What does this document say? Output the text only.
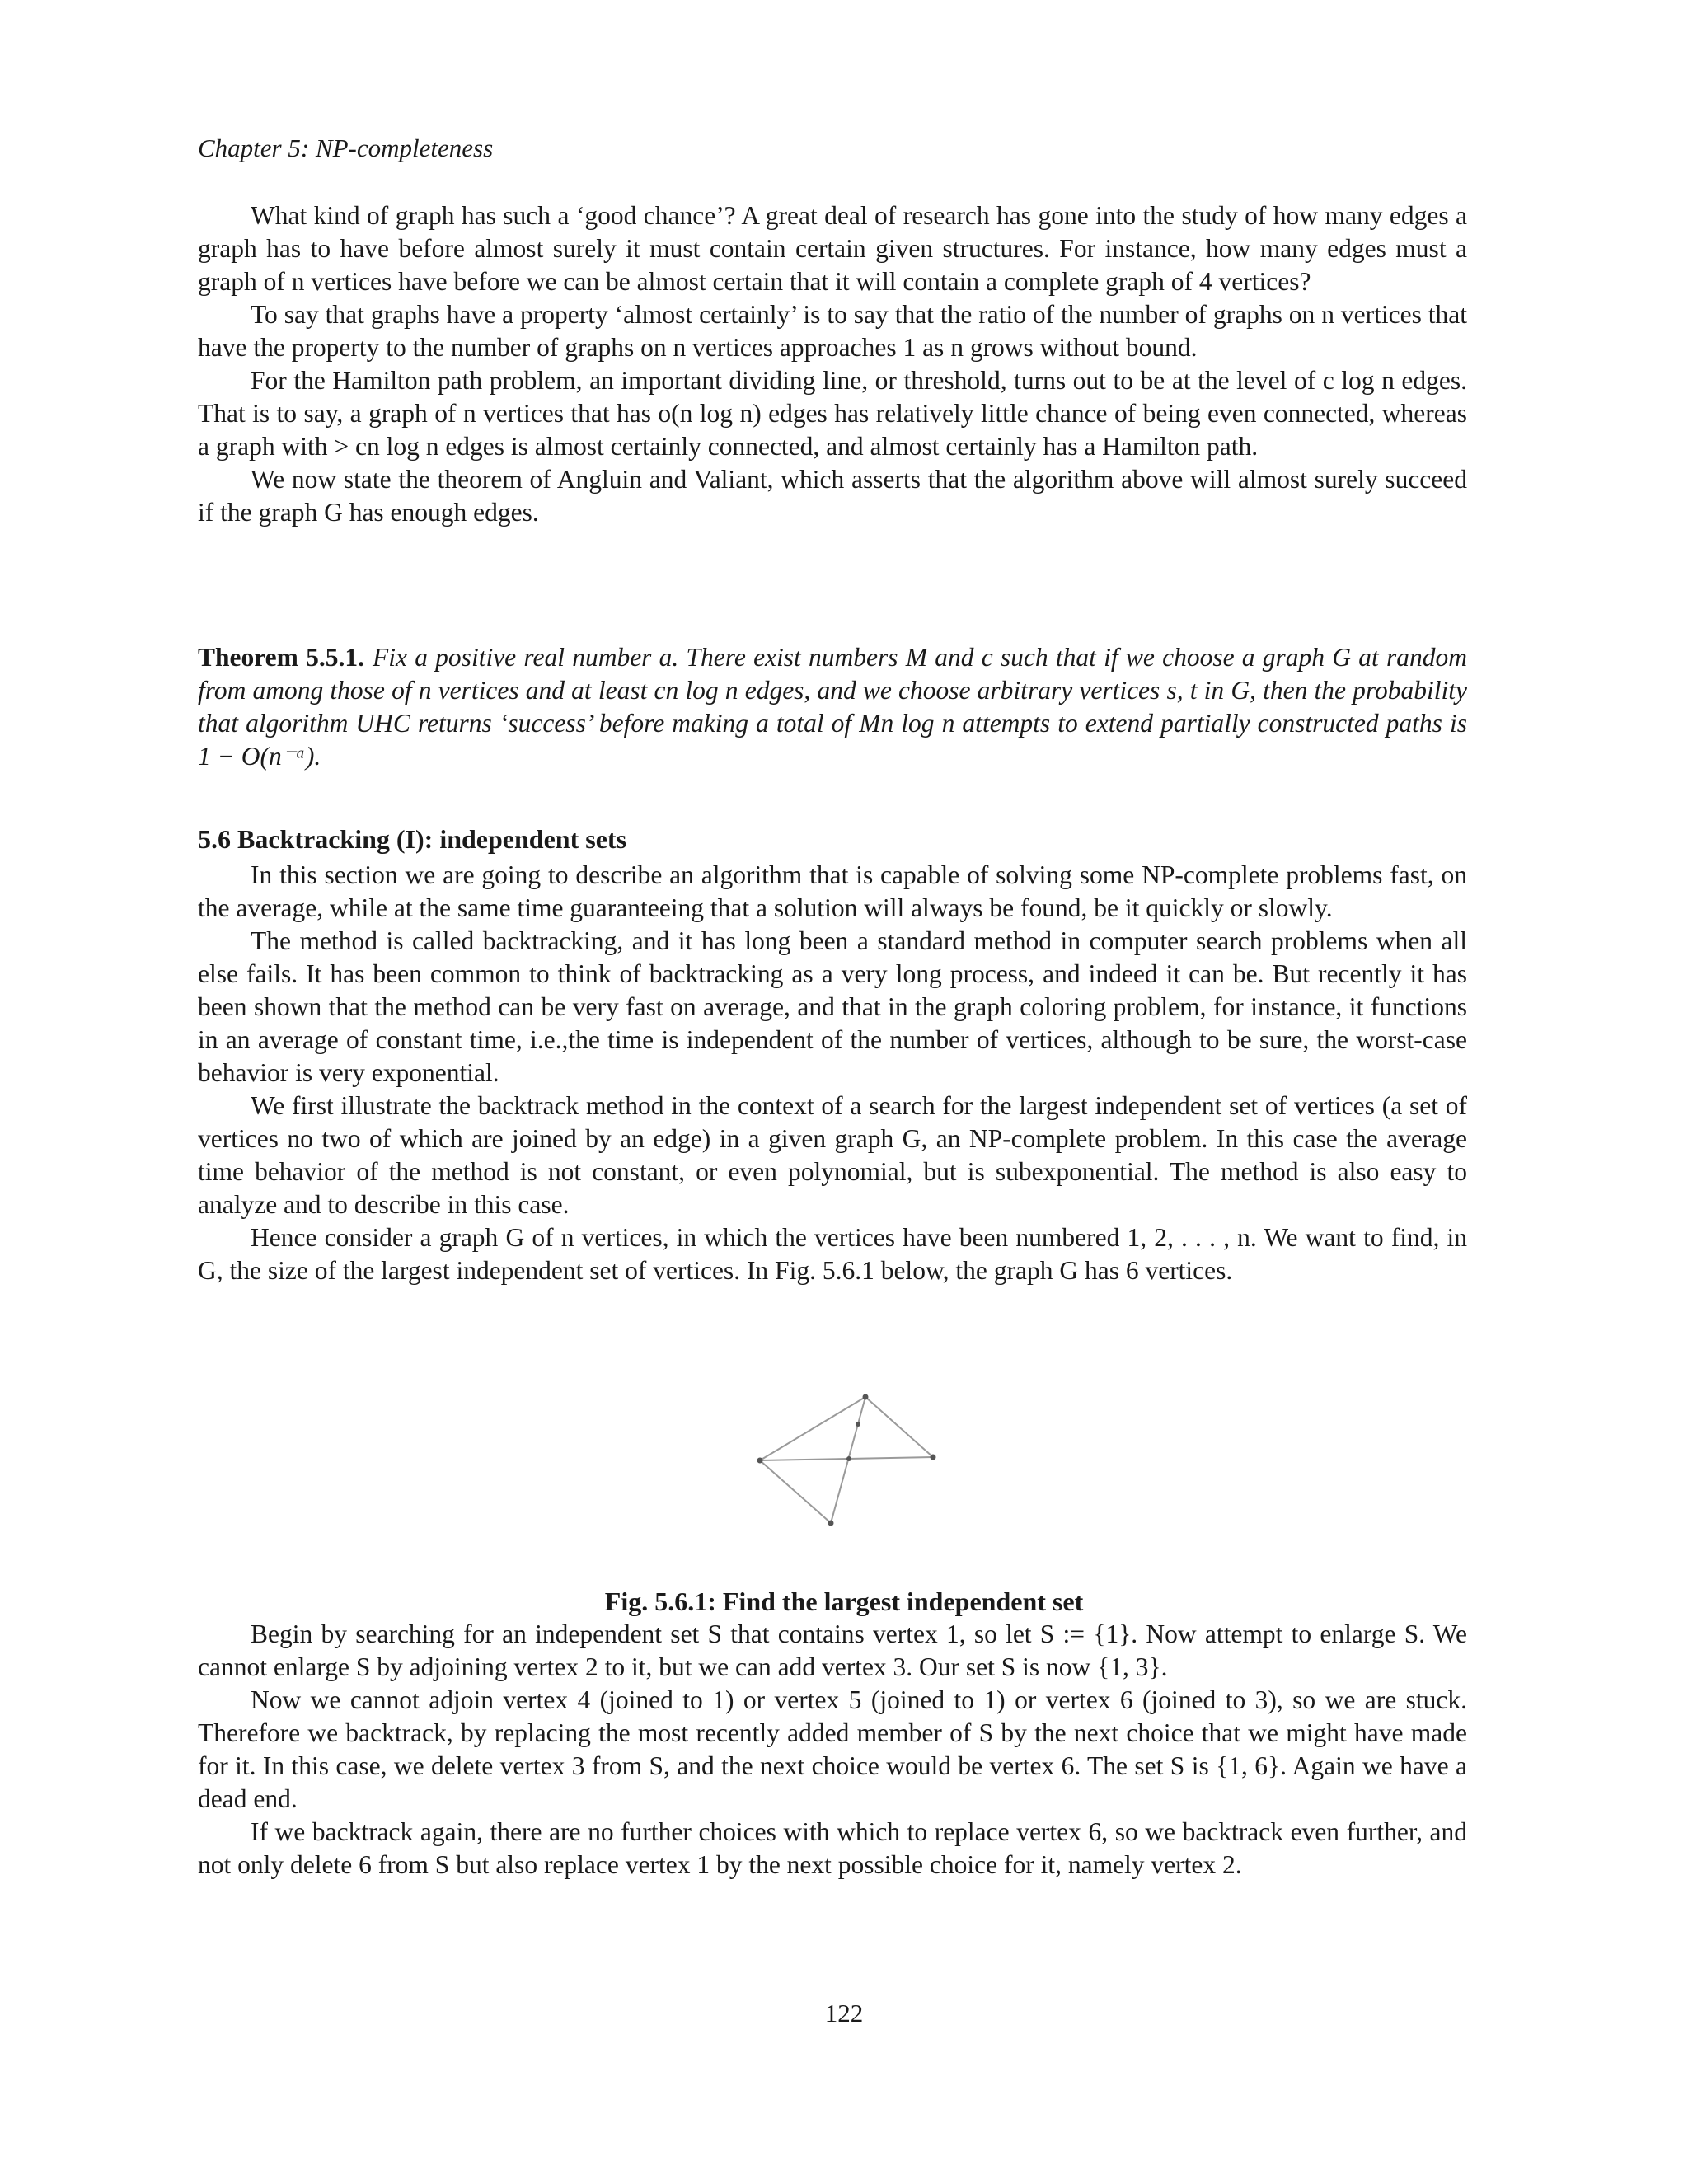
Chapter 5: NP-completeness

What kind of graph has such a ‘good chance’? A great deal of research has gone into the study of how many edges a graph has to have before almost surely it must contain certain given structures. For instance, how many edges must a graph of n vertices have before we can be almost certain that it will contain a complete graph of 4 vertices?

To say that graphs have a property ‘almost certainly’ is to say that the ratio of the number of graphs on n vertices that have the property to the number of graphs on n vertices approaches 1 as n grows without bound.

For the Hamilton path problem, an important dividing line, or threshold, turns out to be at the level of c log n edges. That is to say, a graph of n vertices that has o(n log n) edges has relatively little chance of being even connected, whereas a graph with > cn log n edges is almost certainly connected, and almost certainly has a Hamilton path.

We now state the theorem of Angluin and Valiant, which asserts that the algorithm above will almost surely succeed if the graph G has enough edges.

Theorem 5.5.1. Fix a positive real number a. There exist numbers M and c such that if we choose a graph G at random from among those of n vertices and at least cn log n edges, and we choose arbitrary vertices s, t in G, then the probability that algorithm UHC returns ‘success’ before making a total of Mn log n attempts to extend partially constructed paths is 1 − O(n⁻ᵃ).
5.6 Backtracking (I): independent sets

In this section we are going to describe an algorithm that is capable of solving some NP-complete problems fast, on the average, while at the same time guaranteeing that a solution will always be found, be it quickly or slowly.

The method is called backtracking, and it has long been a standard method in computer search problems when all else fails. It has been common to think of backtracking as a very long process, and indeed it can be. But recently it has been shown that the method can be very fast on average, and that in the graph coloring problem, for instance, it functions in an average of constant time, i.e.,the time is independent of the number of vertices, although to be sure, the worst-case behavior is very exponential.

We first illustrate the backtrack method in the context of a search for the largest independent set of vertices (a set of vertices no two of which are joined by an edge) in a given graph G, an NP-complete problem. In this case the average time behavior of the method is not constant, or even polynomial, but is subexponential. The method is also easy to analyze and to describe in this case.

Hence consider a graph G of n vertices, in which the vertices have been numbered 1, 2, . . . , n. We want to find, in G, the size of the largest independent set of vertices. In Fig. 5.6.1 below, the graph G has 6 vertices.

Fig. 5.6.1: Find the largest independent set

Begin by searching for an independent set S that contains vertex 1, so let S := {1}. Now attempt to enlarge S. We cannot enlarge S by adjoining vertex 2 to it, but we can add vertex 3. Our set S is now {1, 3}.

Now we cannot adjoin vertex 4 (joined to 1) or vertex 5 (joined to 1) or vertex 6 (joined to 3), so we are stuck. Therefore we backtrack, by replacing the most recently added member of S by the next choice that we might have made for it. In this case, we delete vertex 3 from S, and the next choice would be vertex 6. The set S is {1, 6}. Again we have a dead end.

If we backtrack again, there are no further choices with which to replace vertex 6, so we backtrack even further, and not only delete 6 from S but also replace vertex 1 by the next possible choice for it, namely vertex 2.

122
